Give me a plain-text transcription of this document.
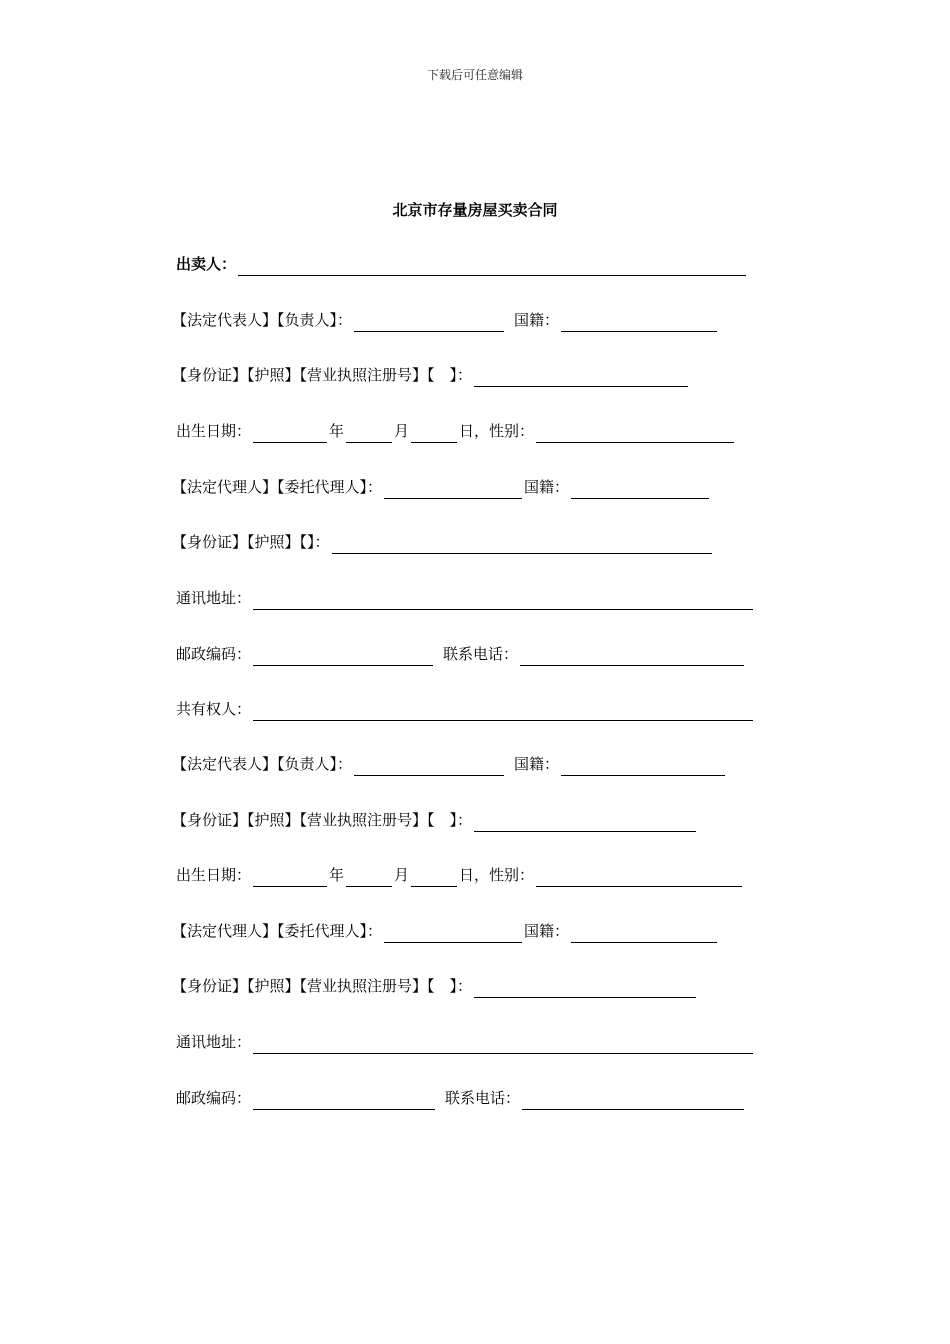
下载后可任意编辑
北京市存量房屋买卖合同
出卖人：
【法定代表人】【负责人】：	国籍：
【身份证】【护照】【营业执照注册号】【　】：
出生日期：	年	月	日，性别：
【法定代理人】【委托代理人】：	国籍：
【身份证】【护照】【】：
通讯地址：
邮政编码：	联系电话：
共有权人：
【法定代表人】【负责人】：	国籍：
【身份证】【护照】【营业执照注册号】【　】：
出生日期：	年	月	日，性别：
【法定代理人】【委托代理人】：	国籍：
【身份证】【护照】【营业执照注册号】【　】：
通讯地址：
邮政编码：	联系电话：
